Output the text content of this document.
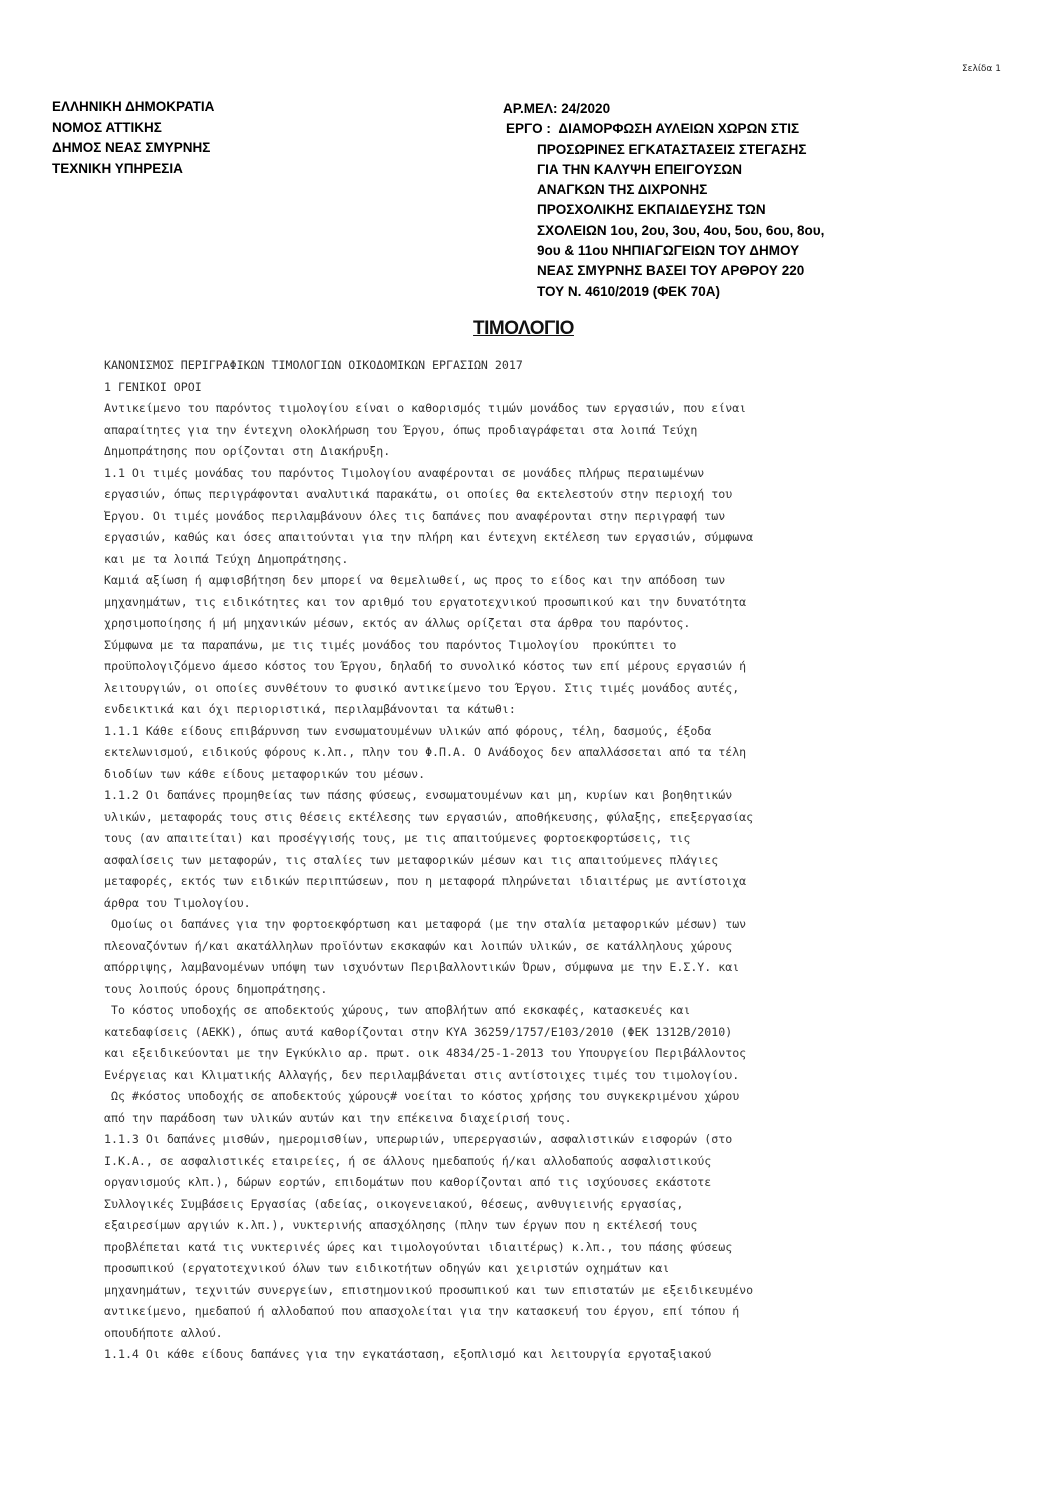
Σελίδα 1
ΕΛΛΗΝΙΚΗ ΔΗΜΟΚΡΑΤΙΑ
ΝΟΜΟΣ ΑΤΤΙΚΗΣ
ΔΗΜΟΣ ΝΕΑΣ ΣΜΥΡΝΗΣ
ΤΕΧΝΙΚΗ ΥΠΗΡΕΣΙΑ
ΑΡ.ΜΕΛ: 24/2020
ΕΡΓΟ : ΔΙΑΜΟΡΦΩΣΗ ΑΥΛΕΙΩΝ ΧΩΡΩΝ ΣΤΙΣ
ΠΡΟΣΩΡΙΝΕΣ ΕΓΚΑΤΑΣΤΑΣΕΙΣ ΣΤΕΓΑΣΗΣ
ΓΙΑ ΤΗΝ ΚΑΛΥΨΗ ΕΠΕΙΓΟΥΣΩΝ
ΑΝΑΓΚΩΝ ΤΗΣ ΔΙΧΡΟΝΗΣ
ΠΡΟΣΧΟΛΙΚΗΣ ΕΚΠΑΙΔΕΥΣΗΣ ΤΩΝ
ΣΧΟΛΕΙΩΝ 1ου, 2ου, 3ου, 4ου, 5ου, 6ου, 8ου,
9ου & 11ου ΝΗΠΙΑΓΩΓΕΙΩΝ ΤΟΥ ΔΗΜΟΥ
ΝΕΑΣ ΣΜΥΡΝΗΣ ΒΑΣΕΙ ΤΟΥ ΑΡΘΡΟΥ 220
ΤΟΥ Ν. 4610/2019 (ΦΕΚ 70Α)
ΤΙΜΟΛΟΓΙΟ
ΚΑΝΟΝΙΣΜΟΣ ΠΕΡΙΓΡΑΦΙΚΩΝ ΤΙΜΟΛΟΓΙΩΝ ΟΙΚΟΔΟΜΙΚΩΝ ΕΡΓΑΣΙΩΝ 2017
1 ΓΕΝΙΚΟΙ ΟΡΟΙ
Αντικείμενο του παρόντος τιμολογίου είναι ο καθορισμός τιμών μονάδος των εργασιών, που είναι
απαραίτητες για την έντεχνη ολοκλήρωση του Έργου, όπως προδιαγράφεται στα λοιπά Τεύχη
Δημοπράτησης που ορίζονται στη Διακήρυξη.
1.1 Οι τιμές μονάδας του παρόντος Τιμολογίου αναφέρονται σε μονάδες πλήρως περαιωμένων
εργασιών, όπως περιγράφονται αναλυτικά παρακάτω, οι οποίες θα εκτελεστούν στην περιοχή του
Έργου. Οι τιμές μονάδος περιλαμβάνουν όλες τις δαπάνες που αναφέρονται στην περιγραφή των
εργασιών, καθώς και όσες απαιτούνται για την πλήρη και έντεχνη εκτέλεση των εργασιών, σύμφωνα
και με τα λοιπά Τεύχη Δημοπράτησης.
Καμιά αξίωση ή αμφισβήτηση δεν μπορεί να θεμελιωθεί, ως προς το είδος και την απόδοση των
μηχανημάτων, τις ειδικότητες και τον αριθμό του εργατοτεχνικού προσωπικού και την δυνατότητα
χρησιμοποίησης ή μή μηχανικών μέσων, εκτός αν άλλως ορίζεται στα άρθρα του παρόντος.
Σύμφωνα με τα παραπάνω, με τις τιμές μονάδος του παρόντος Τιμολογίου  προκύπτει το
προϋπολογιζόμενο άμεσο κόστος του Έργου, δηλαδή το συνολικό κόστος των επί μέρους εργασιών ή
λειτουργιών, οι οποίες συνθέτουν το φυσικό αντικείμενο του Έργου. Στις τιμές μονάδος αυτές,
ενδεικτικά και όχι περιοριστικά, περιλαμβάνονται τα κάτωθι:
1.1.1 Κάθε είδους επιβάρυνση των ενσωματουμένων υλικών από φόρους, τέλη, δασμούς, έξοδα
εκτελωνισμού, ειδικούς φόρους κ.λπ., πλην του Φ.Π.Α. Ο Ανάδοχος δεν απαλλάσσεται από τα τέλη
διοδίων των κάθε είδους μεταφορικών του μέσων.
1.1.2 Οι δαπάνες προμηθείας των πάσης φύσεως, ενσωματουμένων και μη, κυρίων και βοηθητικών
υλικών, μεταφοράς τους στις θέσεις εκτέλεσης των εργασιών, αποθήκευσης, φύλαξης, επεξεργασίας
τους (αν απαιτείται) και προσέγγισής τους, με τις απαιτούμενες φορτοεκφορτώσεις, τις
ασφαλίσεις των μεταφορών, τις σταλίες των μεταφορικών μέσων και τις απαιτούμενες πλάγιες
μεταφορές, εκτός των ειδικών περιπτώσεων, που η μεταφορά πληρώνεται ιδιαιτέρως με αντίστοιχα
άρθρα του Τιμολογίου.
Ομοίως οι δαπάνες για την φορτοεκφόρτωση και μεταφορά (με την σταλία μεταφορικών μέσων) των
πλεοναζόντων ή/και ακατάλληλων προϊόντων εκσκαφών και λοιπών υλικών, σε κατάλληλους χώρους
απόρριψης, λαμβανομένων υπόψη των ισχυόντων Περιβαλλοντικών Όρων, σύμφωνα με την Ε.Σ.Υ. και
τους λοιπούς όρους δημοπράτησης.
Το κόστος υποδοχής σε αποδεκτούς χώρους, των αποβλήτων από εκσκαφές, κατασκευές και
κατεδαφίσεις (ΑΕΚΚ), όπως αυτά καθορίζονται στην ΚΥΑ 36259/1757/Ε103/2010 (ΦΕΚ 1312Β/2010)
και εξειδικεύονται με την Εγκύκλιο αρ. πρωτ. οικ 4834/25-1-2013 του Υπουργείου Περιβάλλοντος
Ενέργειας και Κλιματικής Αλλαγής, δεν περιλαμβάνεται στις αντίστοιχες τιμές του τιμολογίου.
Ως #κόστος υποδοχής σε αποδεκτούς χώρους# νοείται το κόστος χρήσης του συγκεκριμένου χώρου
από την παράδοση των υλικών αυτών και την επέκεινα διαχείρισή τους.
1.1.3 Οι δαπάνες μισθών, ημερομισθίων, υπερωριών, υπερεργασιών, ασφαλιστικών εισφορών (στο
Ι.Κ.Α., σε ασφαλιστικές εταιρείες, ή σε άλλους ημεδαπούς ή/και αλλοδαπούς ασφαλιστικούς
οργανισμούς κλπ.), δώρων εορτών, επιδομάτων που καθορίζονται από τις ισχύουσες εκάστοτε
Συλλογικές Συμβάσεις Εργασίας (αδείας, οικογενειακού, θέσεως, ανθυγιεινής εργασίας,
εξαιρεσίμων αργιών κ.λπ.), νυκτερινής απασχόλησης (πλην των έργων που η εκτέλεσή τους
προβλέπεται κατά τις νυκτερινές ώρες και τιμολογούνται ιδιαιτέρως) κ.λπ., του πάσης φύσεως
προσωπικού (εργατοτεχνικού όλων των ειδικοτήτων οδηγών και χειριστών οχημάτων και
μηχανημάτων, τεχνιτών συνεργείων, επιστημονικού προσωπικού και των επιστατών με εξειδικευμένο
αντικείμενο, ημεδαπού ή αλλοδαπού που απασχολείται για την κατασκευή του έργου, επί τόπου ή
οπουδήποτε αλλού.
1.1.4 Οι κάθε είδους δαπάνες για την εγκατάσταση, εξοπλισμό και λειτουργία εργοταξιακού
